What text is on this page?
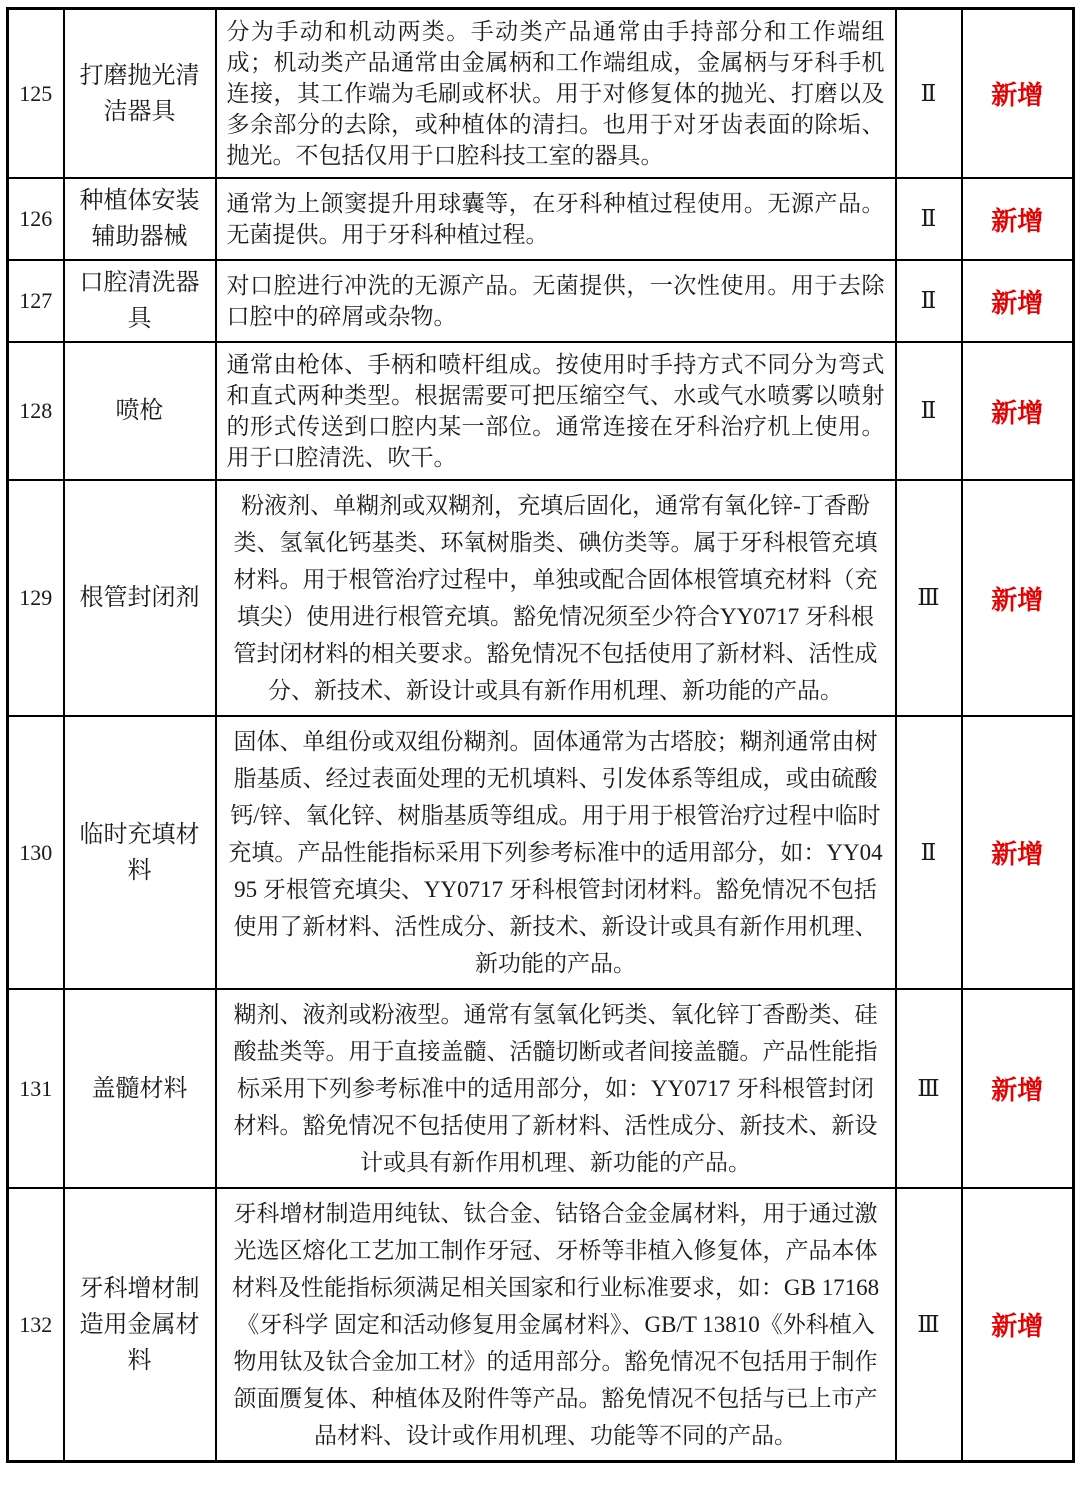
125	打磨抛光清洁器具	分为手动和机动两类。手动类产品通常由手持部分和工作端组成；机动类产品通常由金属柄和工作端组成，金属柄与牙科手机连接，其工作端为毛刷或杯状。用于对修复体的抛光、打磨以及多余部分的去除，或种植体的清扫。也用于对牙齿表面的除垢、抛光。不包括仅用于口腔科技工室的器具。	Ⅱ	新增
126	种植体安装辅助器械	通常为上颌窦提升用球囊等，在牙科种植过程使用。无源产品。无菌提供。用于牙科种植过程。	Ⅱ	新增
127	口腔清洗器具	对口腔进行冲洗的无源产品。无菌提供，一次性使用。用于去除口腔中的碎屑或杂物。	Ⅱ	新增
128	喷枪	通常由枪体、手柄和喷杆组成。按使用时手持方式不同分为弯式和直式两种类型。根据需要可把压缩空气、水或气水喷雾以喷射的形式传送到口腔内某一部位。通常连接在牙科治疗机上使用。用于口腔清洗、吹干。	Ⅱ	新增
129	根管封闭剂	粉液剂、单糊剂或双糊剂，充填后固化，通常有氧化锌-丁香酚类、氢氧化钙基类、环氧树脂类、碘仿类等。属于牙科根管充填材料。用于根管治疗过程中，单独或配合固体根管填充材料（充填尖）使用进行根管充填。豁免情况须至少符合YY0717 牙科根管封闭材料的相关要求。豁免情况不包括使用了新材料、活性成分、新技术、新设计或具有新作用机理、新功能的产品。	Ⅲ	新增
130	临时充填材料	固体、单组份或双组份糊剂。固体通常为古塔胶；糊剂通常由树脂基质、经过表面处理的无机填料、引发体系等组成，或由硫酸钙/锌、氧化锌、树脂基质等组成。用于用于根管治疗过程中临时充填。产品性能指标采用下列参考标准中的适用部分，如：YY0495 牙根管充填尖、YY0717 牙科根管封闭材料。豁免情况不包括使用了新材料、活性成分、新技术、新设计或具有新作用机理、新功能的产品。	Ⅱ	新增
131	盖髓材料	糊剂、液剂或粉液型。通常有氢氧化钙类、氧化锌丁香酚类、硅酸盐类等。用于直接盖髓、活髓切断或者间接盖髓。产品性能指标采用下列参考标准中的适用部分，如：YY0717 牙科根管封闭材料。豁免情况不包括使用了新材料、活性成分、新技术、新设计或具有新作用机理、新功能的产品。	Ⅲ	新增
132	牙科增材制造用金属材料	牙科增材制造用纯钛、钛合金、钴铬合金金属材料，用于通过激光选区熔化工艺加工制作牙冠、牙桥等非植入修复体，产品本体材料及性能指标须满足相关国家和行业标准要求，如：GB 17168 《牙科学 固定和活动修复用金属材料》、GB/T 13810《外科植入物用钛及钛合金加工材》的适用部分。豁免情况不包括用于制作颌面赝复体、种植体及附件等产品。豁免情况不包括与已上市产品材料、设计或作用机理、功能等不同的产品。	Ⅲ	新增
